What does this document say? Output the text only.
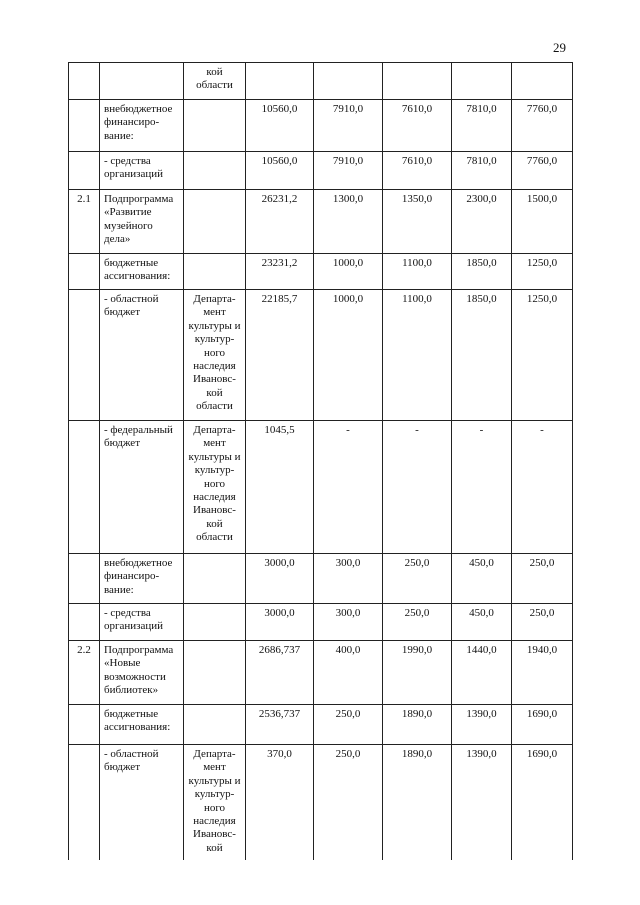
29
		кой области					
	внебюджетное финансиро-вание:		10560,0	7910,0	7610,0	7810,0	7760,0
	- средства организаций		10560,0	7910,0	7610,0	7810,0	7760,0
2.1	Подпрограмма «Развитие музейного дела»		26231,2	1300,0	1350,0	2300,0	1500,0
	бюджетные ассигнования:		23231,2	1000,0	1100,0	1850,0	1250,0
	- областной бюджет	Департа-мент культуры и культур-ного наследия Ивановс-кой области	22185,7	1000,0	1100,0	1850,0	1250,0
	- федеральный бюджет	Департа-мент культуры и культур-ного наследия Ивановс-кой области	1045,5	-	-	-	-
	внебюджетное финансиро-вание:		3000,0	300,0	250,0	450,0	250,0
	- средства организаций		3000,0	300,0	250,0	450,0	250,0
2.2	Подпрограмма «Новые возможности библиотек»		2686,737	400,0	1990,0	1440,0	1940,0
	бюджетные ассигнования:		2536,737	250,0	1890,0	1390,0	1690,0
	- областной бюджет	Департа-мент культуры и культур-ного наследия Ивановс-кой	370,0	250,0	1890,0	1390,0	1690,0
